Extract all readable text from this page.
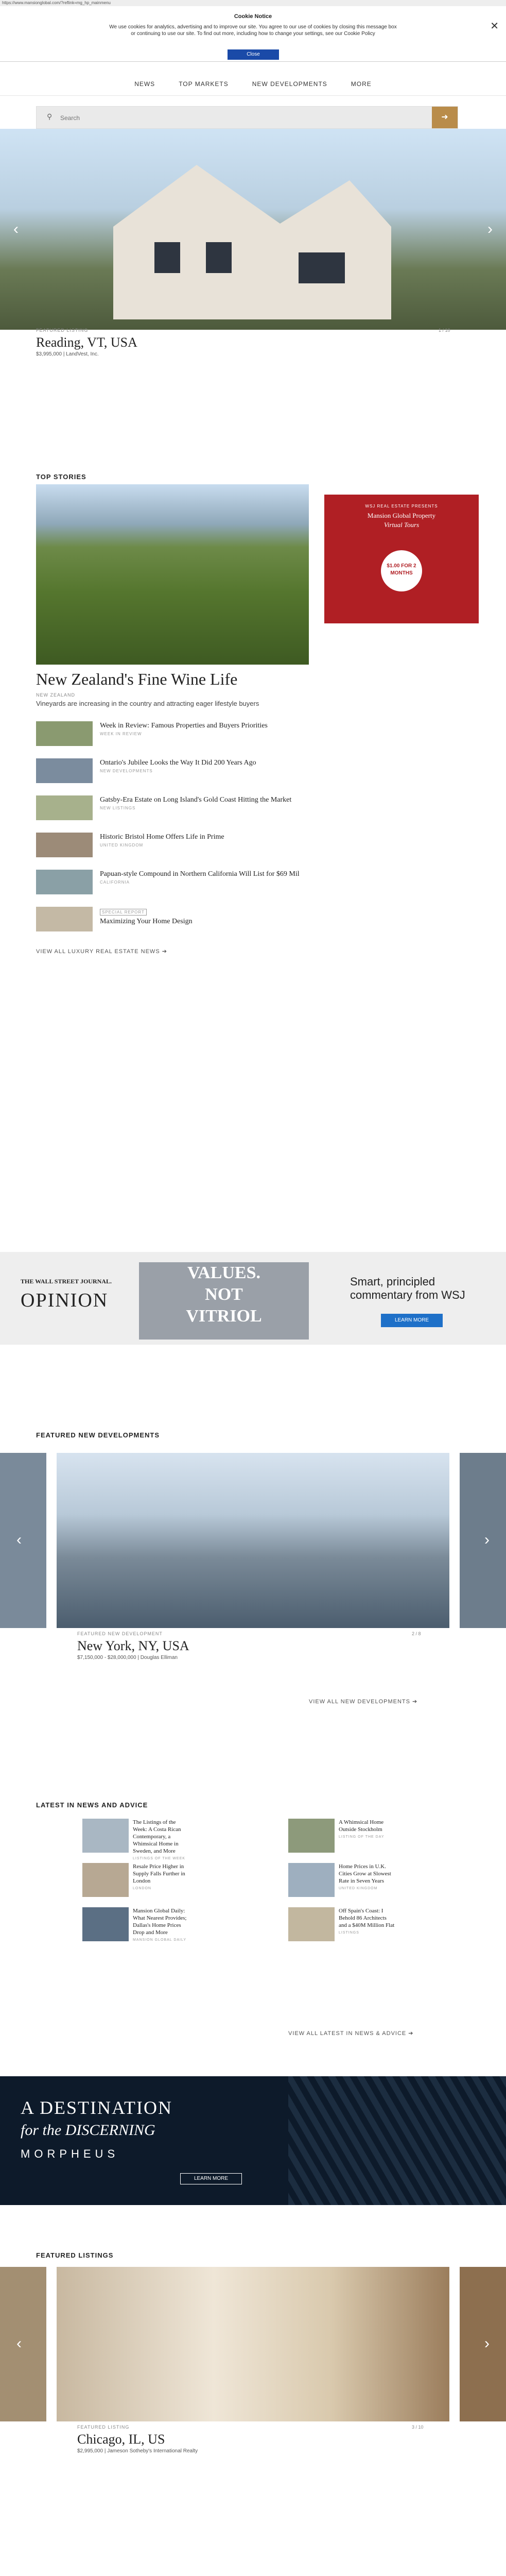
https://www.mansionglobal.com/?reflink=mg_hp_mainmenu
Cookie Notice

We use cookies for analytics, advertising and to improve our site. You agree to our use of cookies by closing this message box or continuing to use our site. To find out more, including how to change your settings, see our Cookie Policy

Close
✕
NEWS	TOP MARKETS	NEW DEVELOPMENTS	MORE
⚲
Search	➜
‹	›
FEATURED LISTING	1 / 10
Reading, VT, USA
$3,995,000 | LandVest, Inc.
TOP STORIES
New Zealand's Fine Wine Life
NEW ZEALAND
Vineyards are increasing in the country and attracting eager lifestyle buyers
Week in Review: Famous Properties and Buyers Priorities
WEEK IN REVIEW
Ontario's Jubilee Looks the Way It Did 200 Years Ago
NEW DEVELOPMENTS
Gatsby-Era Estate on Long Island's Gold Coast Hitting the Market
NEW LISTINGS
Historic Bristol Home Offers Life in Prime
UNITED KINGDOM
Papuan-style Compound in Northern California Will List for $69 Mil
CALIFORNIA
SPECIAL REPORT
Maximizing Your Home Design
VIEW ALL LUXURY REAL ESTATE NEWS ➔
WSJ REAL ESTATE PRESENTS
Mansion Global Property
Virtual Tours
$1.00 FOR 2 MONTHS
THE WALL STREET JOURNAL.
OPINION
VALUES.
NOT
VITRIOL
Smart, principled commentary from WSJ
LEARN MORE
FEATURED NEW DEVELOPMENTS
‹	›
FEATURED NEW DEVELOPMENT	2 / 8
New York, NY, USA
$7,150,000 - $28,000,000 | Douglas Elliman
VIEW ALL NEW DEVELOPMENTS ➔
LATEST IN NEWS AND ADVICE
The Listings of the Week: A Costa Rican Contemporary, a Whimsical Home in Sweden, and More
LISTINGS OF THE WEEK
A Whimsical Home Outside Stockholm
LISTING OF THE DAY
Resale Price Higher in Supply Falls Further in London
LONDON
Home Prices in U.K. Cities Grow at Slowest Rate in Seven Years
UNITED KINGDOM
Mansion Global Daily: What Nearest Provides; Dallas's Home Prices Drop and More
MANSION GLOBAL DAILY
Off Spain's Coast: I Behold 86 Architects and a $40M Million Flat
LISTINGS
VIEW ALL LATEST IN NEWS & ADVICE ➔
A DESTINATION
for the DISCERNING
MORPHEUS
LEARN MORE
FEATURED LISTINGS
‹	›
FEATURED LISTING	3 / 10
Chicago, IL, US
$2,995,000 | Jameson Sotheby's International Realty
